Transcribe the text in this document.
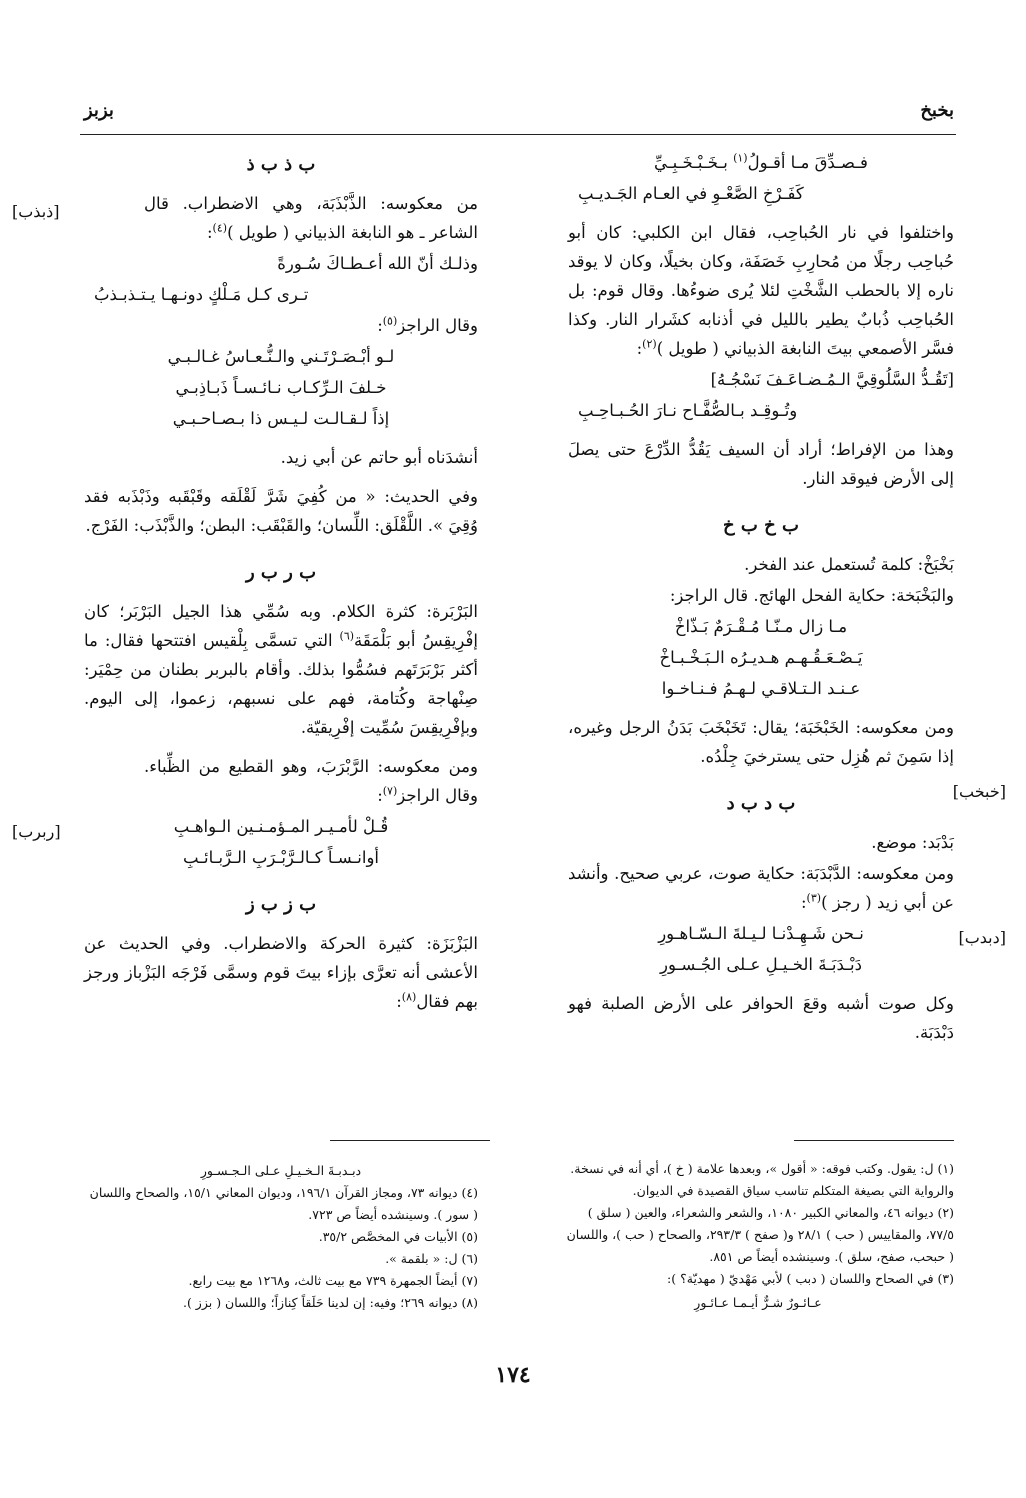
بخبخ
بزبز
فـصـدِّقَ مـا أقـولُ$^{(١)}$ بـخَـبْـخَـبِـيِّ
كَفَـرْخِ الصَّعْـوِ في العـام الجَـديـبِ

واختلفوا في نار الحُباحِب، فقال ابن الكلبي: كان أبو حُباحِب رجلًا من مُحارِبِ خَصَفَة، وكان بخيلًا، وكان لا يوقد ناره إلا بالحطب الشَّخْتِ لئلا يُرى ضوءُها. وقال قوم: بل الحُباحِب ذُبابٌ يطير بالليل في أذنابه كشَرار النار. وكذا فسَّر الأصمعي بيتَ النابغة الذبياني ( طويل )$^{(٢)}$:

[تَقُـدُّ السَّلُوقِيَّ الـمُـضـاعَـفَ نَسْجُـهُ]
وتُـوقِـد بـالصُّفَّـاح نـارَ الحُـبـاحِـبِ

وهذا من الإفراط؛ أراد أن السيف يَقُدُّ الدِّرْعَ حتى يصلَ إلى الأرض فيوقد النار.

ب خ ب خ

بَخْبَخْ: كلمة تُستعمل عند الفخر.

والبَخْبَخة: حكاية الفحل الهائج. قال الراجز:

مـا زال مـنّـا مُـقْـرَمٌ بَـذّاخْ
يَـصْـعَـقُـهـم هـديـرُه الـبَـخْـبـاخْ
عـنـد الـتـلاقـي لـهـمُ فـنـاخـوا

ومن معكوسه: الخَبْخَبَة؛ يقال: تَخَبْخَبَ بَدَنُ الرجل وغيره، إذا سَمِنَ ثم هُزِل حتى يسترخيَ جِلْدُه.

ب د ب د

بَدْبَد: موضع.

ومن معكوسه: الدَّبْدَبَة: حكاية صوت، عربي صحيح. وأنشد عن أبي زيد ( رجز )$^{(٣)}$:

نـحن شَـهِـدْنـا لـيـلةَ الـسّـاهـورِ
دَبْـدَبَـةَ الخـيـلِ عـلى الجُـسـورِ

وكل صوت أشبه وقعَ الحوافر على الأرض الصلبة فهو دَبْدَبَة.

[خبخب]
[دبدب]
ب ذ ب ذ

من معكوسه: الذَّبْذَبَة، وهي الاضطراب. قال الشاعر ـ هو النابغة الذبياني ( طويل )$^{(٤)}$:

وذلـك أنّ الله أعـطـاكَ سُـورةً
تـرى كـل مَـلْكٍ دونـهـا يـتـذبـذبُ

وقال الراجز$^{(٥)}$:

لـو أبْـصَـرْتَـني والـنُّـعـاسُ غـالـبـي
خـلفَ الـرِّكـاب نـائـسـاً ذَبـاذِبـي
إذاً لـقـالـت لـيـس ذا بـصـاحـبـي

أنشدَناه أبو حاتم عن أبي زيد.

وفي الحديث: « من كُفِيَ شَرَّ لَقْلَقه وقَبْقَبه وذَبْذَبه فقد وُقِيَ ». اللَّقْلَق: اللِّسان؛ والقَبْقَب: البطن؛ والذَّبْذَب: الفَرْج.

ب ر ب ر

البَرْبَرة: كثرة الكلام. وبه سُمِّي هذا الجيل البَرْبَر؛ كان إفْرِيقِسُ أبو بَلْمَقَة$^{(٦)}$ التي تسمَّى بِلْقيس افتتحها فقال: ما أكثر بَرْبَرَتَهم فسُمُّوا بذلك. وأقام بالبربر بطنان من حِمْيَر: صِنْهاجة وكُتامة، فهم على نسبهم، زعموا، إلى اليوم. وبإفْرِيقِسَ سُمِّيت إفْرِيقيّة.

ومن معكوسه: الرَّبْرَبَ، وهو القطيع من الظِّباء. وقال الراجز$^{(٧)}$:

قُـلْ لأمـيـر المـؤمـنـين الـواهـبِ
أوانـسـاً كـالـرَّبْـرَبِ الـرَّبـائـبِ
ب ز ب ز

البَزْبَزَة: كثيرة الحركة والاضطراب. وفي الحديث عن الأعشى أنه تعرَّى بإزاء بيتَ قوم وسمَّى فَرْجَه البَزْباز ورجز بهم فقال$^{(٨)}$:

[ذبذب]
[ربرب]

(١) ل: يقول. وكتب فوقه: « أقول »، وبعدها علامة ( خ )، أي أنه في نسخة. والرواية التي بصيغة المتكلم تناسب سياق القصيدة في الديوان.

(٢) ديوانه ٤٦، والمعاني الكبير ١٠٨٠، والشعر والشعراء، والعين ( سلق ) ٧٧/٥، والمقاييس ( حب ) ٢٨/١ و( صفح ) ٢٩٣/٣، والصحاح ( حب )، واللسان ( حبحب، صفح، سلق ). وسينشده أيضاً ص ٨٥١.

(٣) في الصحاح واللسان ( دبب ) لأبي مَهْديّ ( مهديّة؟ ):

عـائـورٌ شـرٌّ أيـمـا عـائـورِ

دبـدبـةَ الـخـيـلِ عـلى الـجـسـورِ

(٤) ديوانه ٧٣، ومجاز القرآن ١٩٦/١، وديوان المعاني ١٥/١، والصحاح واللسان ( سور ). وسينشده أيضاً ص ٧٢٣.

(٥) الأبيات في المخصَّص ٣٥/٢.

(٦) ل: « بلقمة ».

(٧) أيضاً الجمهرة ٧٣٩ مع بيت ثالث، و١٢٦٨ مع بيت رابع.

(٨) ديوانه ٢٦٩؛ وفيه: إن لدينا حَلَقاً كِنازاً؛ واللسان ( بزز ).

١٧٤
